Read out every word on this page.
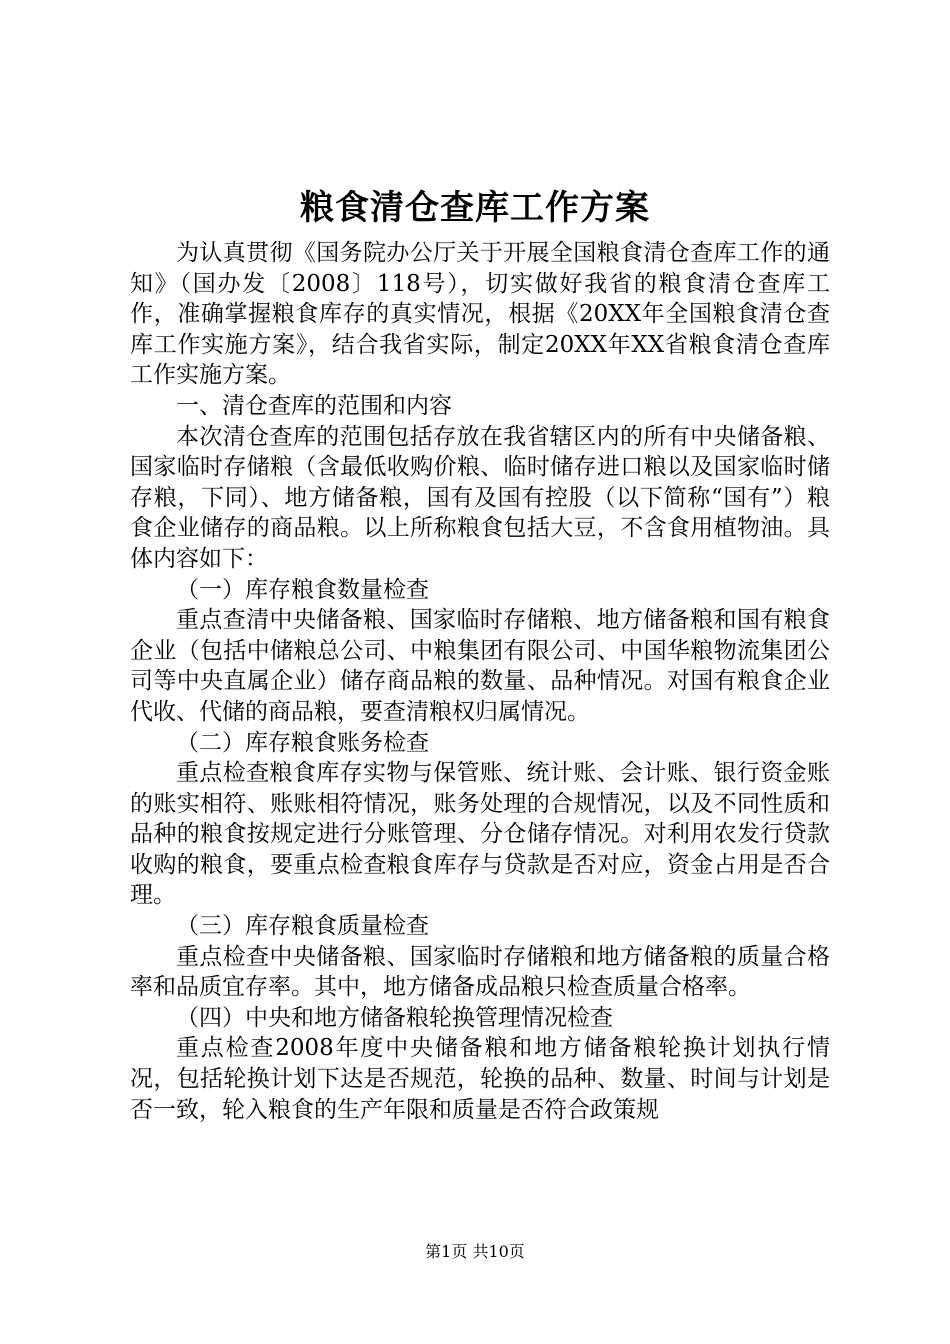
粮食清仓查库工作方案

为认真贯彻《国务院办公厅关于开展全国粮食清仓查库工作的通知》（国办发〔2008〕118号），切实做好我省的粮食清仓查库工作，准确掌握粮食库存的真实情况，根据《20XX年全国粮食清仓查库工作实施方案》，结合我省实际，制定20XX年XX省粮食清仓查库工作实施方案。

一、清仓查库的范围和内容

本次清仓查库的范围包括存放在我省辖区内的所有中央储备粮、国家临时存储粮（含最低收购价粮、临时储存进口粮以及国家临时储存粮，下同）、地方储备粮，国有及国有控股（以下简称“国有”）粮食企业储存的商品粮。以上所称粮食包括大豆，不含食用植物油。具体内容如下：

（一）库存粮食数量检查

重点查清中央储备粮、国家临时存储粮、地方储备粮和国有粮食企业（包括中储粮总公司、中粮集团有限公司、中国华粮物流集团公司等中央直属企业）储存商品粮的数量、品种情况。对国有粮食企业代收、代储的商品粮，要查清粮权归属情况。

（二）库存粮食账务检查

重点检查粮食库存实物与保管账、统计账、会计账、银行资金账的账实相符、账账相符情况，账务处理的合规情况，以及不同性质和品种的粮食按规定进行分账管理、分仓储存情况。对利用农发行贷款收购的粮食，要重点检查粮食库存与贷款是否对应，资金占用是否合理。

（三）库存粮食质量检查

重点检查中央储备粮、国家临时存储粮和地方储备粮的质量合格率和品质宜存率。其中，地方储备成品粮只检查质量合格率。

（四）中央和地方储备粮轮换管理情况检查

重点检查2008年度中央储备粮和地方储备粮轮换计划执行情况，包括轮换计划下达是否规范，轮换的品种、数量、时间与计划是否一致，轮入粮食的生产年限和质量是否符合政策规

第1页 共10页
